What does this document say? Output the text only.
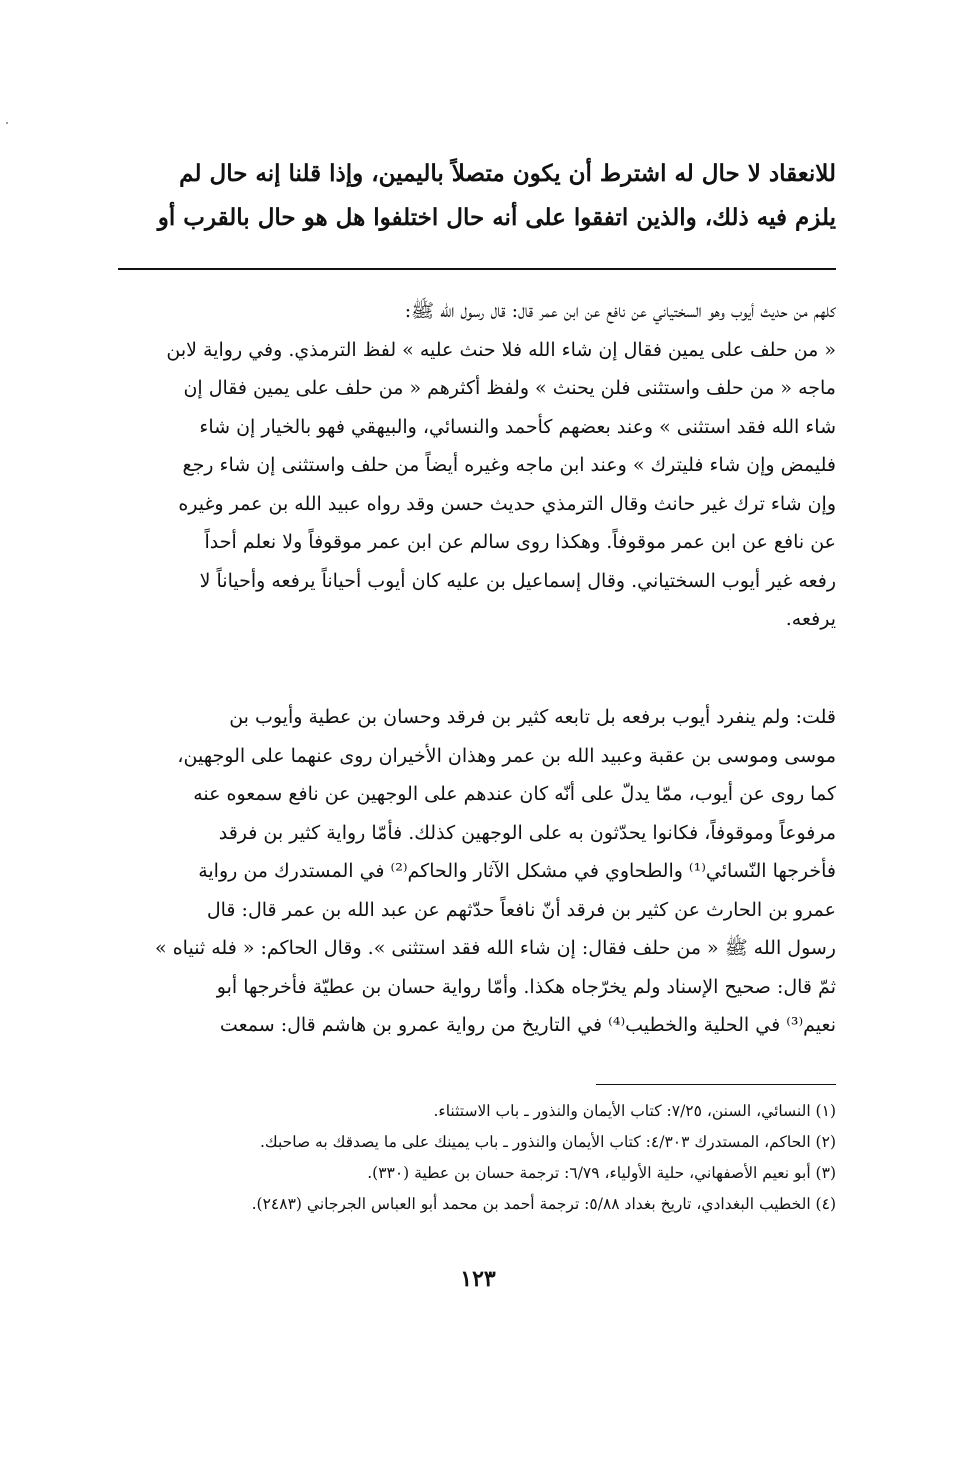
للانعقاد لا حال له اشترط أن يكون متصلاً باليمين، وإذا قلنا إنه حال لم
يلزم فيه ذلك، والذين اتفقوا على أنه حال اختلفوا هل هو حال بالقرب أو
كلهم من حديث أيوب وهو السختياني عن نافع عن ابن عمر قال: قال رسول الله ﷺ:
« من حلف على يمين فقال إن شاء الله فلا حنث عليه » لفظ الترمذي. وفي رواية لابن
ماجه « من حلف واستثنى فلن يحنث » ولفظ أكثرهم « من حلف على يمين فقال إن
شاء الله فقد استثنى » وعند بعضهم كأحمد والنسائي، والبيهقي فهو بالخيار إن شاء
فليمض وإن شاء فليترك » وعند ابن ماجه وغيره أيضاً من حلف واستثنى إن شاء رجع
وإن شاء ترك غير حانث وقال الترمذي حديث حسن وقد رواه عبيد الله بن عمر وغيره
عن نافع عن ابن عمر موقوفاً. وهكذا روى سالم عن ابن عمر موقوفاً ولا نعلم أحداً
رفعه غير أيوب السختياني. وقال إسماعيل بن عليه كان أيوب أحياناً يرفعه وأحياناً لا
يرفعه.
قلت: ولم ينفرد أيوب برفعه بل تابعه كثير بن فرقد وحسان بن عطية وأيوب بن
موسى وموسى بن عقبة وعبيد الله بن عمر وهذان الأخيران روى عنهما على الوجهين،
كما روى عن أيوب، ممّا يدلّ على أنّه كان عندهم على الوجهين عن نافع سمعوه عنه
مرفوعاً وموقوفاً، فكانوا يحدّثون به على الوجهين كذلك. فأمّا رواية كثير بن فرقد
فأخرجها النّسائي⁽¹⁾ والطحاوي في مشكل الآثار والحاكم⁽²⁾ في المستدرك من رواية
عمرو بن الحارث عن كثير بن فرقد أنّ نافعاً حدّثهم عن عبد الله بن عمر قال: قال
رسول الله ﷺ « من حلف فقال: إن شاء الله فقد استثنى ». وقال الحاكم: « فله ثنياه »
ثمّ قال: صحيح الإسناد ولم يخرّجاه هكذا. وأمّا رواية حسان بن عطيّة فأخرجها أبو
نعيم⁽³⁾ في الحلية والخطيب⁽⁴⁾ في التاريخ من رواية عمرو بن هاشم قال: سمعت
(١) النسائي، السنن، ٧/٢٥: كتاب الأيمان والنذور ـ باب الاستثناء.
(٢) الحاكم، المستدرك ٤/٣٠٣: كتاب الأيمان والنذور ـ باب يمينك على ما يصدقك به صاحبك.
(٣) أبو نعيم الأصفهاني، حلية الأولياء، ٦/٧٩: ترجمة حسان بن عطية (٣٣٠).
(٤) الخطيب البغدادي، تاريخ بغداد ٥/٨٨: ترجمة أحمد بن محمد أبو العباس الجرجاني (٢٤٨٣).
١٢٣
